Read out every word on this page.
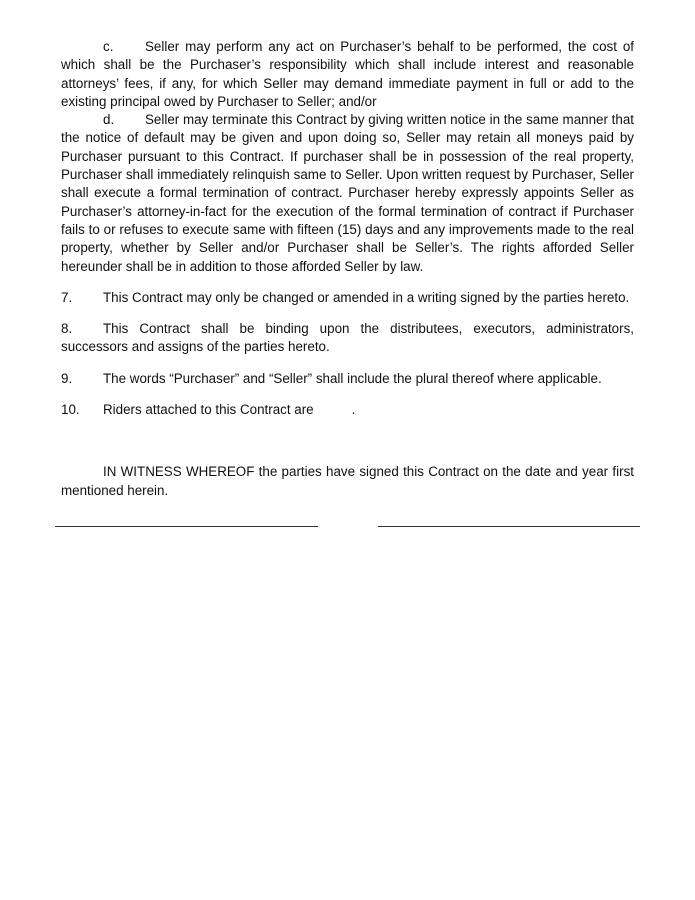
c. Seller may perform any act on Purchaser’s behalf to be performed, the cost of which shall be the Purchaser’s responsibility which shall include interest and reasonable attorneys’ fees, if any, for which Seller may demand immediate payment in full or add to the existing principal owed by Purchaser to Seller; and/or

d. Seller may terminate this Contract by giving written notice in the same manner that the notice of default may be given and upon doing so, Seller may retain all moneys paid by Purchaser pursuant to this Contract. If purchaser shall be in possession of the real property, Purchaser shall immediately relinquish same to Seller. Upon written request by Purchaser, Seller shall execute a formal termination of contract. Purchaser hereby expressly appoints Seller as Purchaser’s attorney-in-fact for the execution of the formal termination of contract if Purchaser fails to or refuses to execute same with fifteen (15) days and any improvements made to the real property, whether by Seller and/or Purchaser shall be Seller’s. The rights afforded Seller hereunder shall be in addition to those afforded Seller by law.

7. This Contract may only be changed or amended in a writing signed by the parties hereto.

8. This Contract shall be binding upon the distributees, executors, administrators, successors and assigns of the parties hereto.

9. The words “Purchaser” and “Seller” shall include the plural thereof where applicable.

10. Riders attached to this Contract are	.

IN WITNESS WHEREOF the parties have signed this Contract on the date and year first mentioned herein.
